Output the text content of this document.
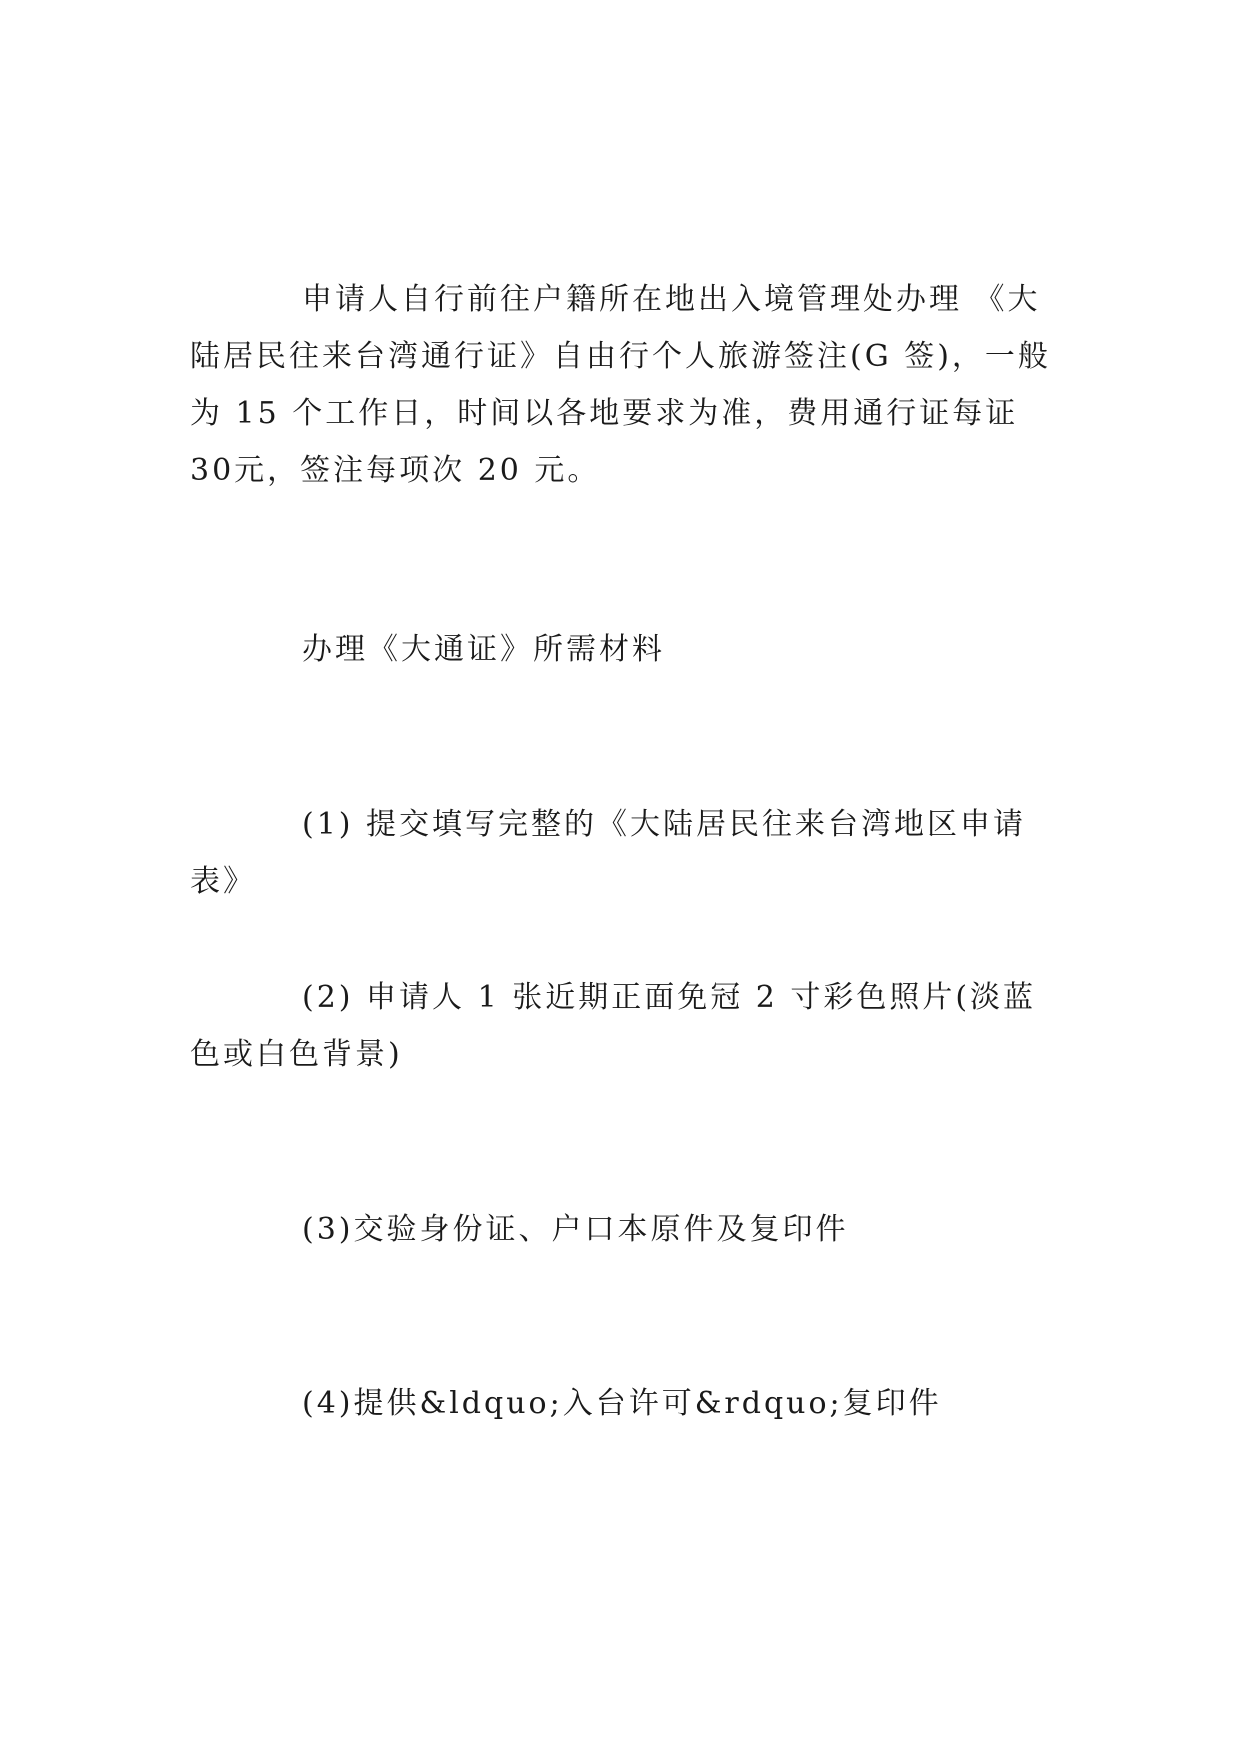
申请人自行前往户籍所在地出入境管理处办理 《大陆居民往来台湾通行证》自由行个人旅游签注(G 签)，一般为 15 个工作日，时间以各地要求为准，费用通行证每证 30元，签注每项次 20 元。

办理《大通证》所需材料

(1) 提交填写完整的《大陆居民往来台湾地区申请表》

(2) 申请人 1 张近期正面免冠 2 寸彩色照片(淡蓝色或白色背景)

(3)交验身份证、户口本原件及复印件

(4)提供&ldquo;入台许可&rdquo;复印件
